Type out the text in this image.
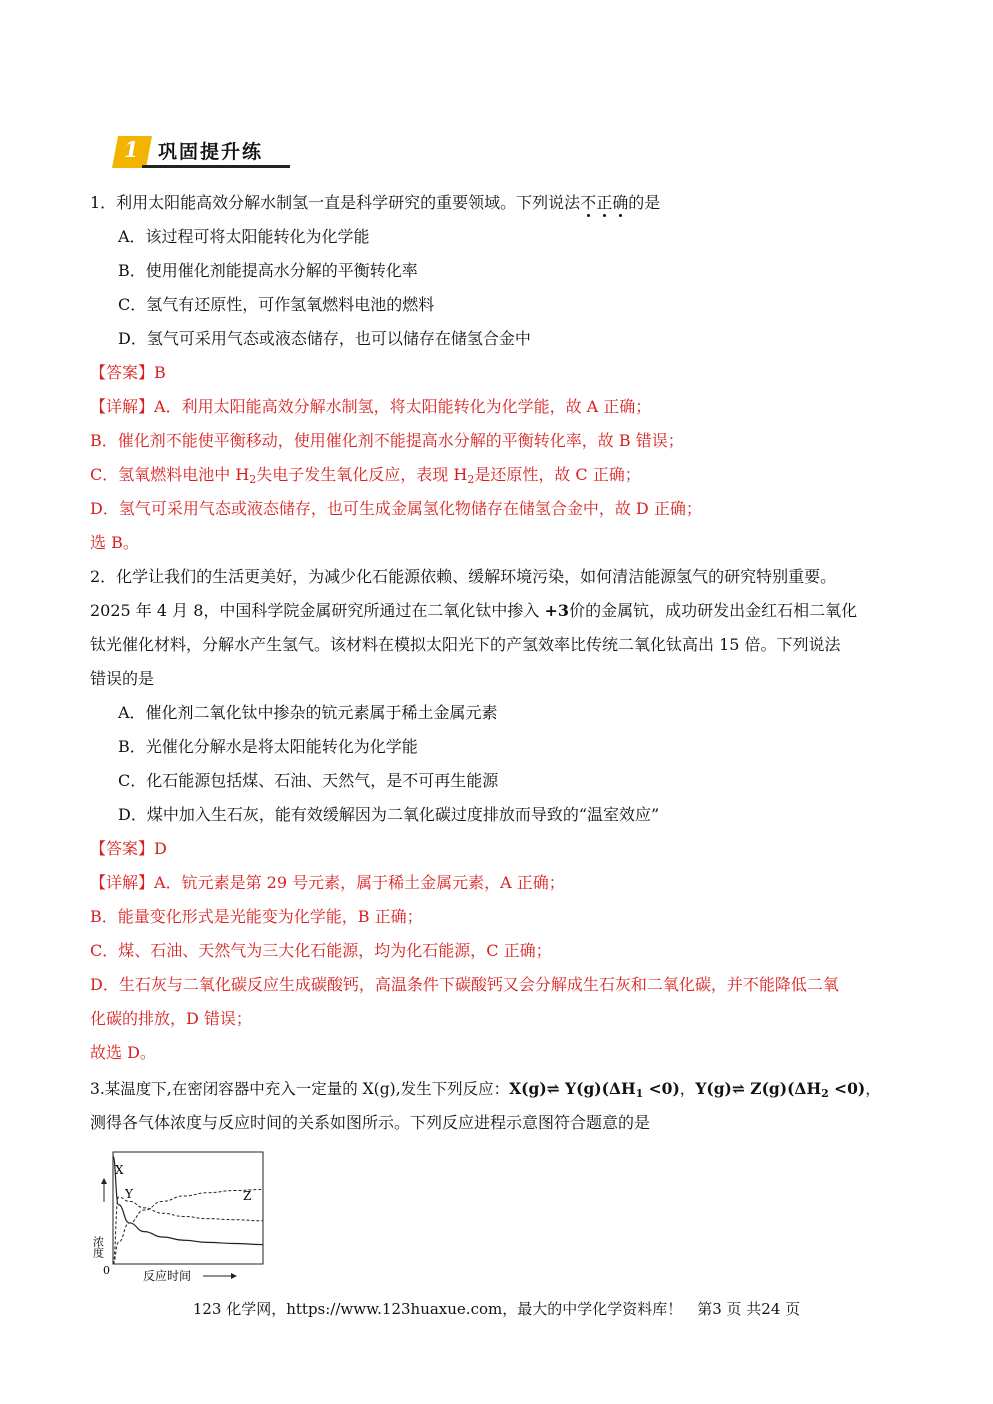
1 巩固提升练
1．利用太阳能高效分解水制氢一直是科学研究的重要领域。下列说法不正确的是
A．该过程可将太阳能转化为化学能
B．使用催化剂能提高水分解的平衡转化率
C．氢气有还原性，可作氢氧燃料电池的燃料
D．氢气可采用气态或液态储存，也可以储存在储氢合金中
【答案】B
【详解】A．利用太阳能高效分解水制氢，将太阳能转化为化学能，故 A 正确；
B．催化剂不能使平衡移动，使用催化剂不能提高水分解的平衡转化率，故 B 错误；
C．氢氧燃料电池中 $H_2$失电子发生氧化反应，表现 $H_2$是还原性，故 C 正确；
D．氢气可采用气态或液态储存，也可生成金属氢化物储存在储氢合金中，故 D 正确；
选 B。
2．化学让我们的生活更美好，为减少化石能源依赖、缓解环境污染，如何清洁能源氢气的研究特别重要。
2025 年 4 月 8，中国科学院金属研究所通过在二氧化钛中掺入 +3价的金属钪，成功研发出金红石相二氧化
钛光催化材料，分解水产生氢气。该材料在模拟太阳光下的产氢效率比传统二氧化钛高出 15 倍。下列说法
错误的是
A．催化剂二氧化钛中掺杂的钪元素属于稀土金属元素
B．光催化分解水是将太阳能转化为化学能
C．化石能源包括煤、石油、天然气，是不可再生能源
D．煤中加入生石灰，能有效缓解因为二氧化碳过度排放而导致的“温室效应”
【答案】D
【详解】A．钪元素是第 29 号元素，属于稀土金属元素，A 正确；
B．能量变化形式是光能变为化学能，B 正确；
C．煤、石油、天然气为三大化石能源，均为化石能源，C 正确；
D．生石灰与二氧化碳反应生成碳酸钙，高温条件下碳酸钙又会分解成生石灰和二氧化碳，并不能降低二氧
化碳的排放，D 错误；
故选 D。
3.某温度下,在密闭容器中充入一定量的 X(g),发生下列反应：X(g)⇌ $Y(g)(\Delta H_1 <0)$，Y(g)⇌ $Z(g)(\Delta H_2 <0)$，
测得各气体浓度与反应时间的关系如图所示。下列反应进程示意图符合题意的是
X
Y	Z
0
浓度
反应时间
123 化学网，https://www.123huaxue.com，最大的中学化学资料库！　第3 页 共24 页
